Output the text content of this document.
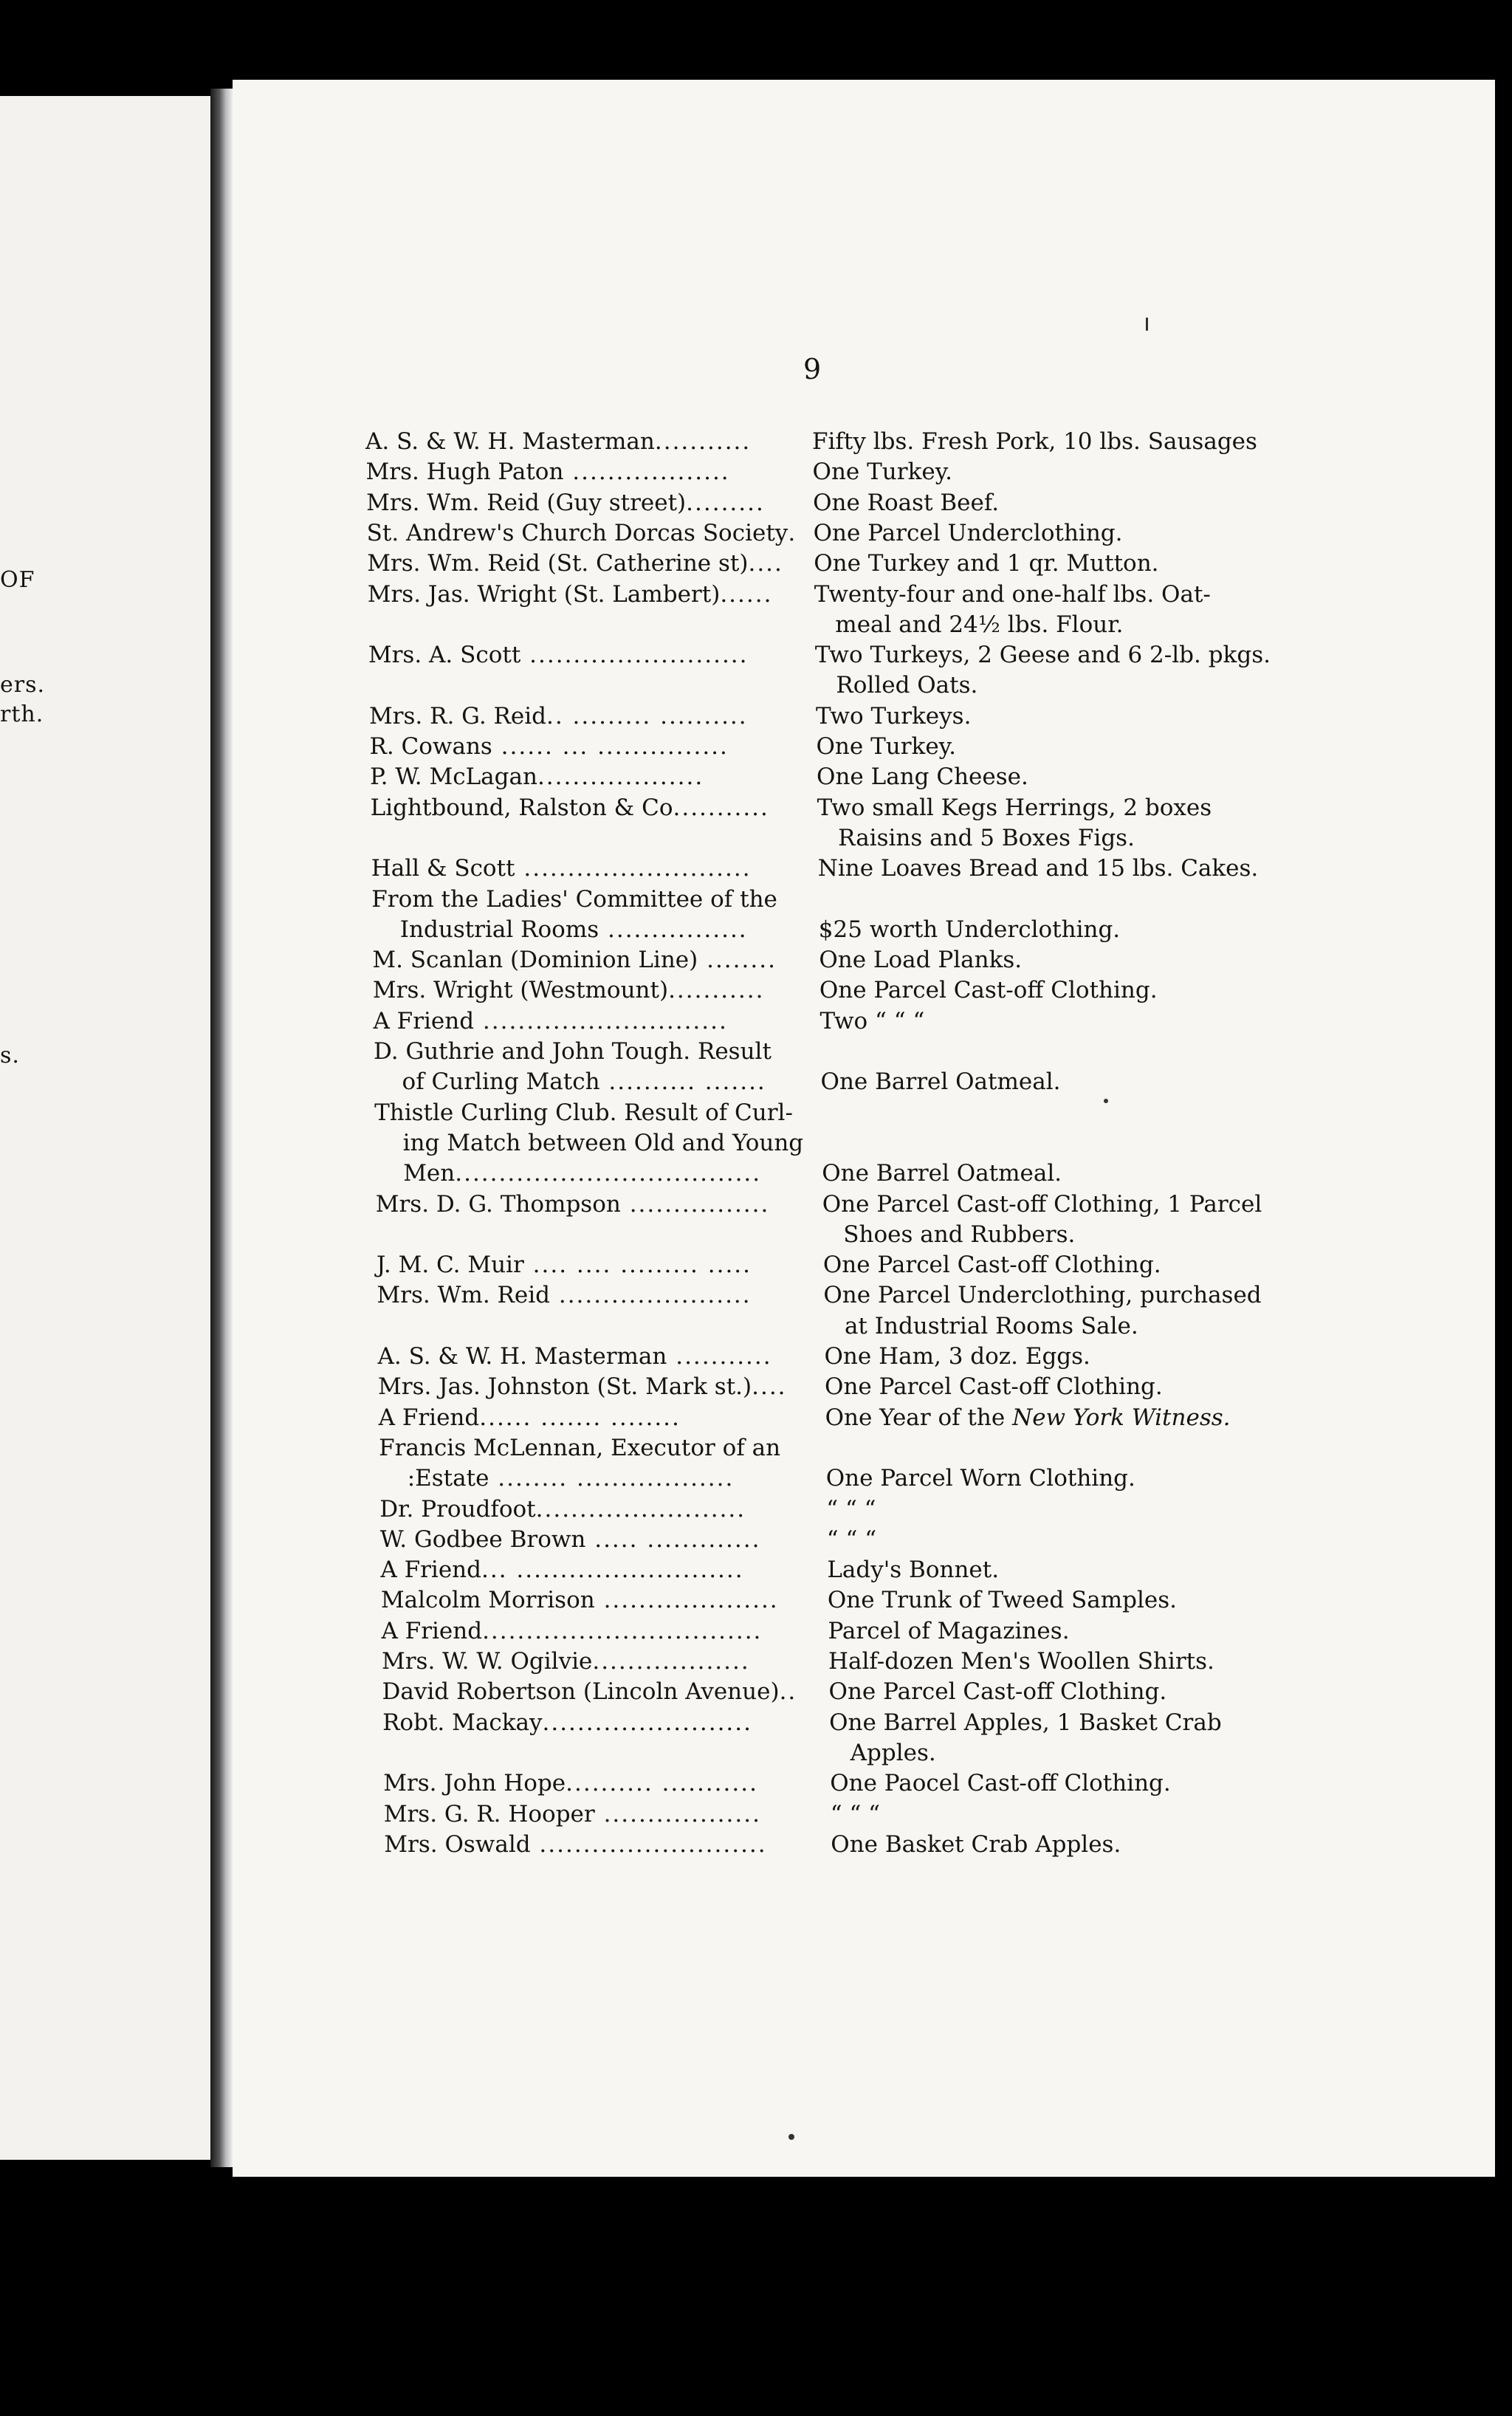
OF
ers.
rth.
s.
9
A. S. & W. H. Masterman...........	Fifty lbs. Fresh Pork, 10 lbs. Sausages
Mrs. Hugh Paton ..................	One Turkey.
Mrs. Wm. Reid (Guy street)......... One Roast Beef.
St. Andrew's Church Dorcas Society. One Parcel Underclothing.
Mrs. Wm. Reid (St. Catherine st).... One Turkey and 1 qr. Mutton.
Mrs. Jas. Wright (St. Lambert)...... Twenty-four and one-half lbs. Oat-
meal and 24½ lbs. Flour.
Mrs. A. Scott .........................	Two Turkeys, 2 Geese and 6 2-lb. pkgs.
Rolled Oats.
Mrs. R. G. Reid.. ......... ..........	Two Turkeys.
R. Cowans ...... ... ...............	One Turkey.
P. W. McLagan...................	One Lang Cheese.
Lightbound, Ralston & Co........... Two small Kegs Herrings, 2 boxes
Raisins and 5 Boxes Figs.
Hall & Scott ..........................	Nine Loaves Bread and 15 lbs. Cakes.
From the Ladies' Committee of the
Industrial Rooms ................	$25 worth Underclothing.
M. Scanlan (Dominion Line) ........ One Load Planks.
Mrs. Wright (Westmount)........... One Parcel Cast-off Clothing.
A Friend ............................	Two “ “ “
D. Guthrie and John Tough. Result
of Curling Match .......... ....... One Barrel Oatmeal.
Thistle Curling Club. Result of Curl-
ing Match between Old and Young
Men...................................	One Barrel Oatmeal.
Mrs. D. G. Thompson ................ One Parcel Cast-off Clothing, 1 Parcel
Shoes and Rubbers.
J. M. C. Muir .... .... ......... .....	One Parcel Cast-off Clothing.
Mrs. Wm. Reid ......................	One Parcel Underclothing, purchased
at Industrial Rooms Sale.
A. S. & W. H. Masterman ........... One Ham, 3 doz. Eggs.
Mrs. Jas. Johnston (St. Mark st.).... One Parcel Cast-off Clothing.
A Friend...... ....... ........	One Year of the New York Witness.
Francis McLennan, Executor of an
:Estate ........ ..................	One Parcel Worn Clothing.
Dr. Proudfoot........................	“ “ “
W. Godbee Brown ..... .............	“ “ “
A Friend... ..........................	Lady's Bonnet.
Malcolm Morrison .................... One Trunk of Tweed Samples.
A Friend................................	Parcel of Magazines.
Mrs. W. W. Ogilvie..................	Half-dozen Men's Woollen Shirts.
David Robertson (Lincoln Avenue).. One Parcel Cast-off Clothing.
Robt. Mackay........................	One Barrel Apples, 1 Basket Crab
Apples.
Mrs. John Hope.......... ...........	One Paocel Cast-off Clothing.
Mrs. G. R. Hooper ..................	“ “ “
Mrs. Oswald ..........................	One Basket Crab Apples.
